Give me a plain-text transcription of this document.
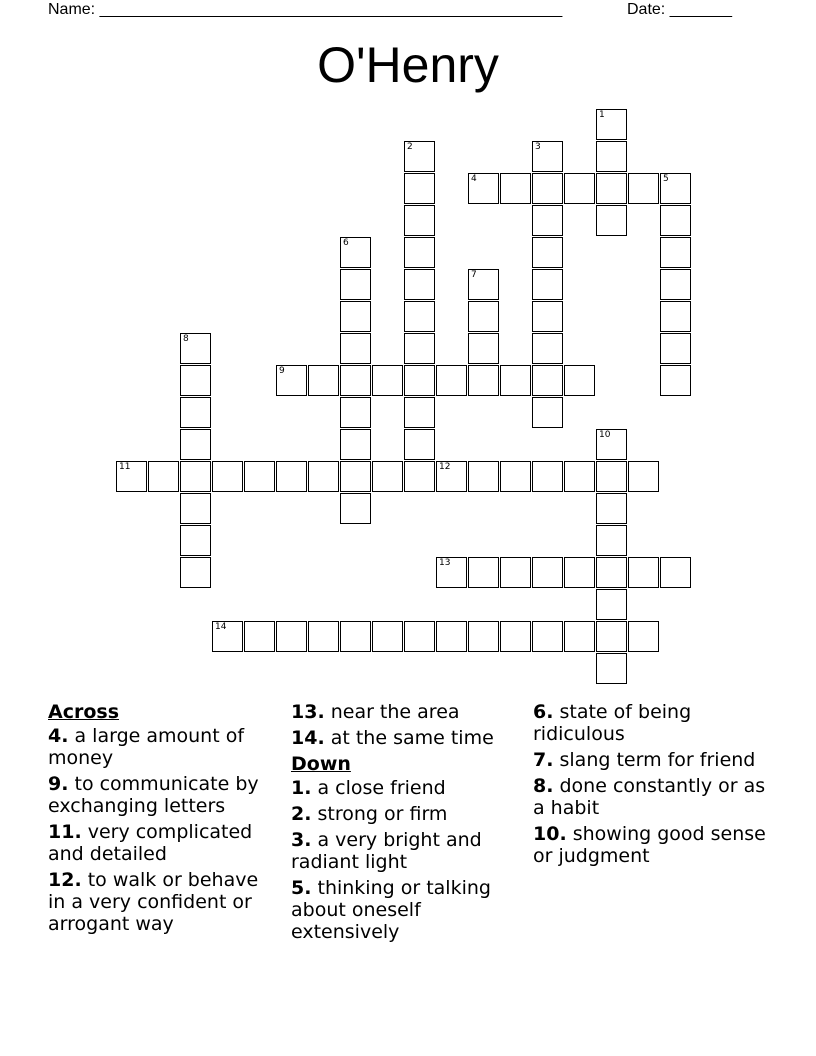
Name: ____________________________________________________	Date: _______
O'Henry
1
2	3
4	5
6
7
8
9
10
11	12
13
14
Across
4. a large amount of money
9. to communicate by exchanging letters
11. very complicated and detailed
12. to walk or behave in a very confident or arrogant way
13. near the area
14. at the same time
Down
1. a close friend
2. strong or firm
3. a very bright and radiant light
5. thinking or talking about oneself extensively
6. state of being ridiculous
7. slang term for friend
8. done constantly or as a habit
10. showing good sense or judgment
